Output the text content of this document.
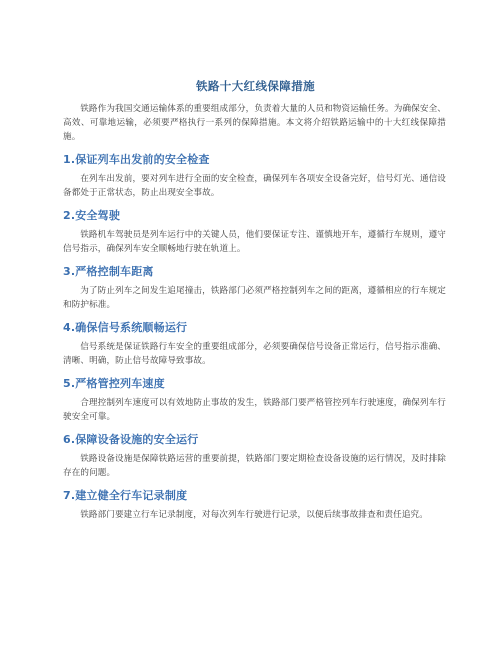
铁路十大红线保障措施

铁路作为我国交通运输体系的重要组成部分，负责着大量的人员和物资运输任务。为确保安全、高效、可靠地运输，必须要严格执行一系列的保障措施。本文将介绍铁路运输中的十大红线保障措施。

1.保证列车出发前的安全检查

在列车出发前，要对列车进行全面的安全检查，确保列车各项安全设备完好，信号灯光、通信设备都处于正常状态，防止出现安全事故。

2.安全驾驶

铁路机车驾驶员是列车运行中的关键人员，他们要保证专注、谨慎地开车，遵循行车规则，遵守信号指示，确保列车安全顺畅地行驶在轨道上。

3.严格控制车距离

为了防止列车之间发生追尾撞击，铁路部门必须严格控制列车之间的距离，遵循相应的行车规定和防护标准。

4.确保信号系统顺畅运行

信号系统是保证铁路行车安全的重要组成部分，必须要确保信号设备正常运行，信号指示准确、清晰、明确，防止信号故障导致事故。

5.严格管控列车速度

合理控制列车速度可以有效地防止事故的发生，铁路部门要严格管控列车行驶速度，确保列车行驶安全可靠。

6.保障设备设施的安全运行

铁路设备设施是保障铁路运营的重要前提，铁路部门要定期检查设备设施的运行情况，及时排除存在的问题。

7.建立健全行车记录制度

铁路部门要建立行车记录制度，对每次列车行驶进行记录，以便后续事故排查和责任追究。
